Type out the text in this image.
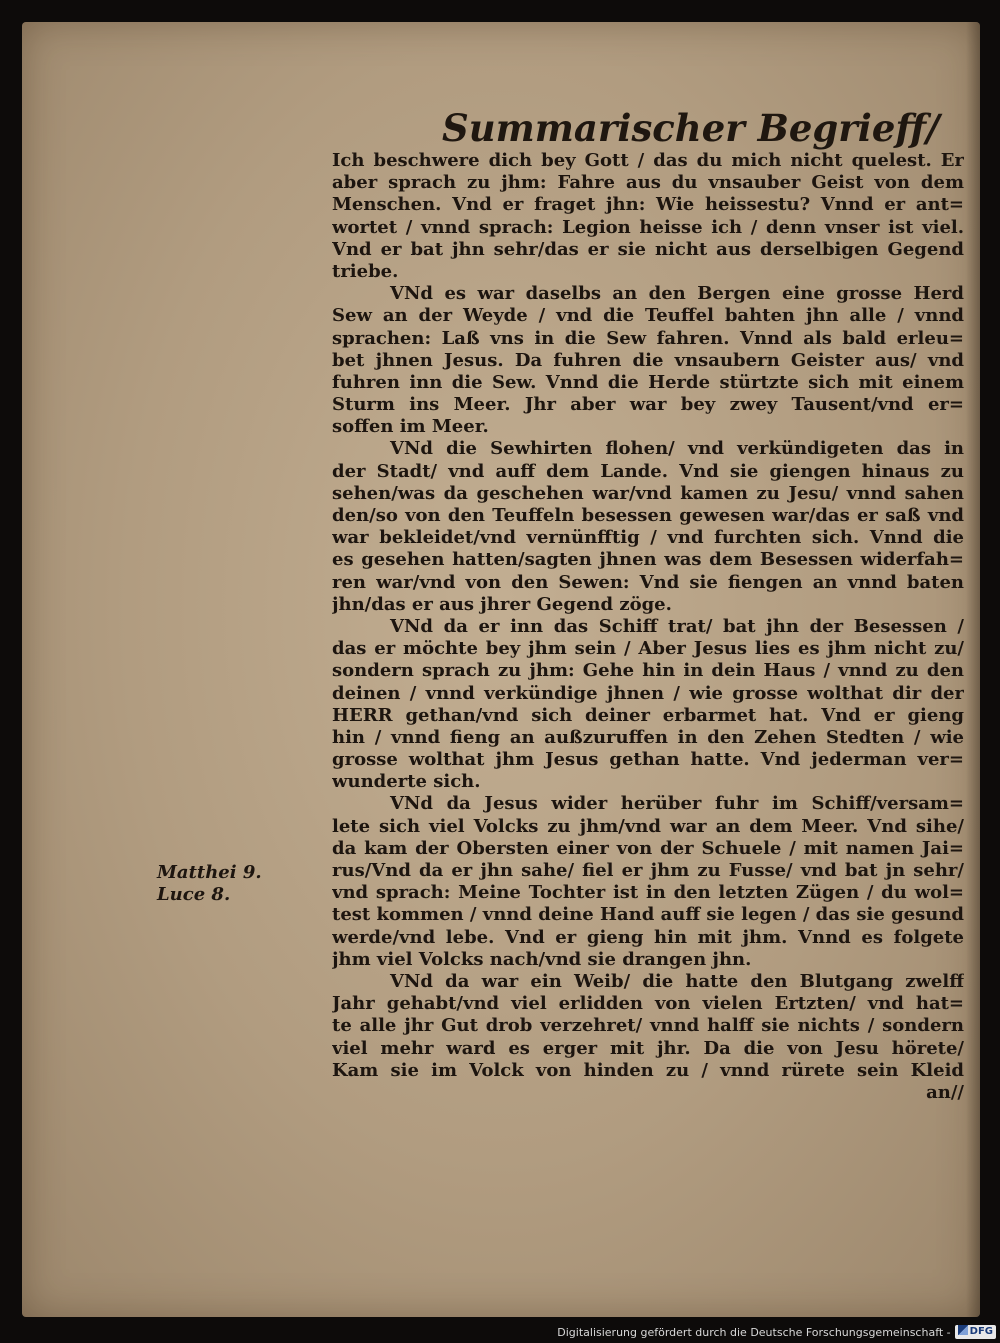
Summarischer Begrieff/
Ich beschwere dich bey Gott / das du mich nicht quelest. Er
aber sprach zu jhm: Fahre aus du vnsauber Geist von dem
Menschen. Vnd er fraget jhn: Wie heissestu? Vnnd er ant=
wortet / vnnd sprach: Legion heisse ich / denn vnser ist viel.
Vnd er bat jhn sehr/das er sie nicht aus derselbigen Gegend
triebe.
VNd es war daselbs an den Bergen eine grosse Herd
Sew an der Weyde / vnd die Teuffel bahten jhn alle / vnnd
sprachen: Laß vns in die Sew fahren. Vnnd als bald erleu=
bet jhnen Jesus. Da fuhren die vnsaubern Geister aus/ vnd
fuhren inn die Sew. Vnnd die Herde stürtzte sich mit einem
Sturm ins Meer. Jhr aber war bey zwey Tausent/vnd er=
soffen im Meer.
VNd die Sewhirten flohen/ vnd verkündigeten das in
der Stadt/ vnd auff dem Lande. Vnd sie giengen hinaus zu
sehen/was da geschehen war/vnd kamen zu Jesu/ vnnd sahen
den/so von den Teuffeln besessen gewesen war/das er saß vnd
war bekleidet/vnd vernünfftig / vnd furchten sich. Vnnd die
es gesehen hatten/sagten jhnen was dem Besessen widerfah=
ren war/vnd von den Sewen: Vnd sie fiengen an vnnd baten
jhn/das er aus jhrer Gegend zöge.
VNd da er inn das Schiff trat/ bat jhn der Besessen /
das er möchte bey jhm sein / Aber Jesus lies es jhm nicht zu/
sondern sprach zu jhm: Gehe hin in dein Haus / vnnd zu den
deinen / vnnd verkündige jhnen / wie grosse wolthat dir der
HERR gethan/vnd sich deiner erbarmet hat. Vnd er gieng
hin / vnnd fieng an außzuruffen in den Zehen Stedten / wie
grosse wolthat jhm Jesus gethan hatte. Vnd jederman ver=
wunderte sich.
VNd da Jesus wider herüber fuhr im Schiff/versam=
lete sich viel Volcks zu jhm/vnd war an dem Meer. Vnd sihe/
da kam der Obersten einer von der Schuele / mit namen Jai=
rus/Vnd da er jhn sahe/ fiel er jhm zu Fusse/ vnd bat jn sehr/
vnd sprach: Meine Tochter ist in den letzten Zügen / du wol=
test kommen / vnnd deine Hand auff sie legen / das sie gesund
werde/vnd lebe. Vnd er gieng hin mit jhm. Vnnd es folgete
jhm viel Volcks nach/vnd sie drangen jhn.
VNd da war ein Weib/ die hatte den Blutgang zwelff
Jahr gehabt/vnd viel erlidden von vielen Ertzten/ vnd hat=
te alle jhr Gut drob verzehret/ vnnd halff sie nichts / sondern
viel mehr ward es erger mit jhr. Da die von Jesu hörete/
Kam sie im Volck von hinden zu / vnnd rürete sein Kleid
an//
Matthei 9.
Luce 8.
Digitalisierung gefördert durch die Deutsche Forschungsgemeinschaft -	DFG
